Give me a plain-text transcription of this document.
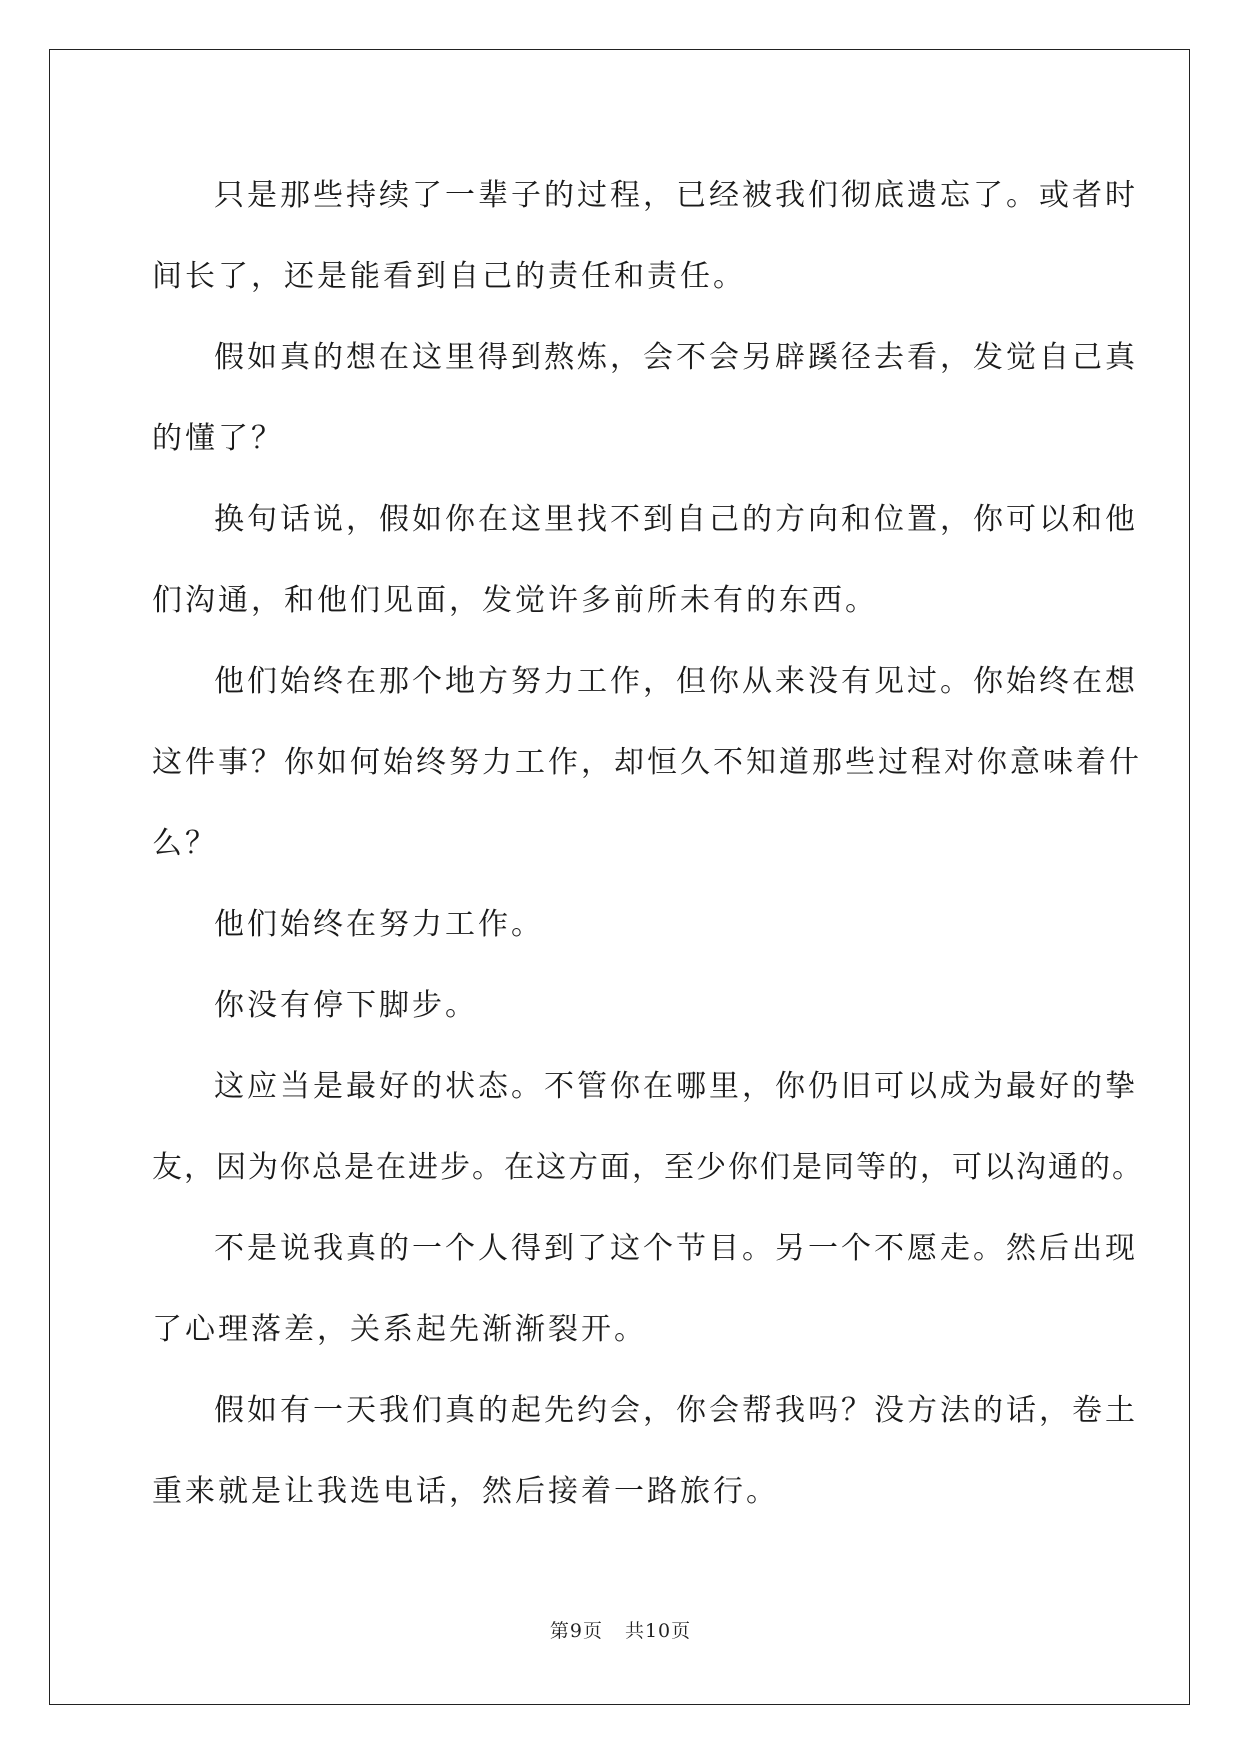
只是那些持续了一辈子的过程，已经被我们彻底遗忘了。或者时
间长了，还是能看到自己的责任和责任。
假如真的想在这里得到熬炼，会不会另辟蹊径去看，发觉自己真
的懂了？
换句话说，假如你在这里找不到自己的方向和位置，你可以和他
们沟通，和他们见面，发觉许多前所未有的东西。
他们始终在那个地方努力工作，但你从来没有见过。你始终在想
这件事？你如何始终努力工作，却恒久不知道那些过程对你意味着什
么？
他们始终在努力工作。
你没有停下脚步。
这应当是最好的状态。不管你在哪里，你仍旧可以成为最好的挚
友，因为你总是在进步。在这方面，至少你们是同等的，可以沟通的。
不是说我真的一个人得到了这个节目。另一个不愿走。然后出现
了心理落差，关系起先渐渐裂开。
假如有一天我们真的起先约会，你会帮我吗？没方法的话，卷土
重来就是让我选电话，然后接着一路旅行。
第9页 共10页
